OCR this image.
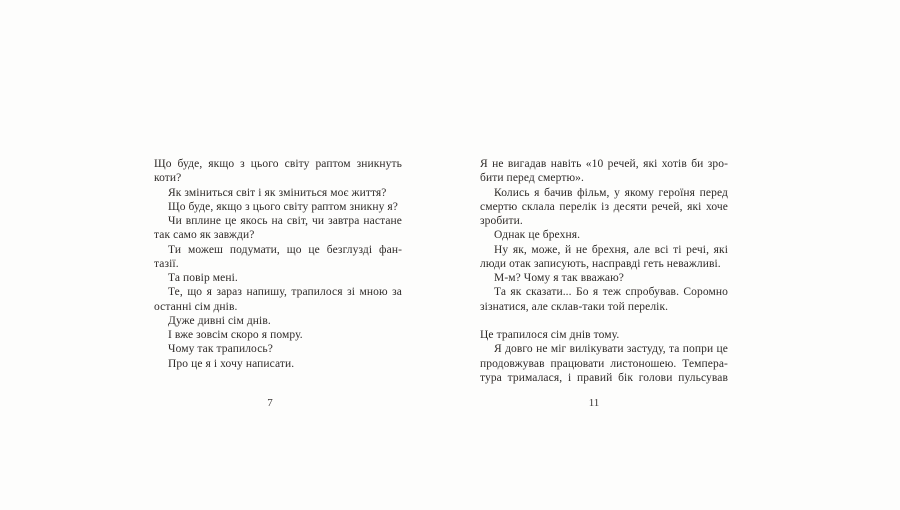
Що буде, якщо з цього світу раптом зникнуть
коти?
Як зміниться світ і як зміниться моє життя?
Що буде, якщо з цього світу раптом зникну я?
Чи вплине це якось на світ, чи завтра настане
так само як завжди?
Ти можеш подумати, що це безглузді фан-
тазії.
Та повір мені.
Те, що я зараз напишу, трапилося зі мною за
останні сім днів.
Дуже дивні сім днів.
І вже зовсім скоро я помру.
Чому так трапилось?
Про це я і хочу написати.
7
Я не вигадав навіть «10 речей, які хотів би зро-
бити перед смертю».
Колись я бачив фільм, у якому героїня перед
смертю склала перелік із десяти речей, які хоче
зробити.
Однак це брехня.
Ну як, може, й не брехня, але всі ті речі, які
люди отак записують, насправді геть неважливі.
М-м? Чому я так вважаю?
Та як сказати... Бо я теж спробував. Соромно
зізнатися, але склав-таки той перелік.
Це трапилося сім днів тому.
Я довго не міг вилікувати застуду, та попри це
продовжував працювати листоношею. Темпера-
тура трималася, і правий бік голови пульсував
11
